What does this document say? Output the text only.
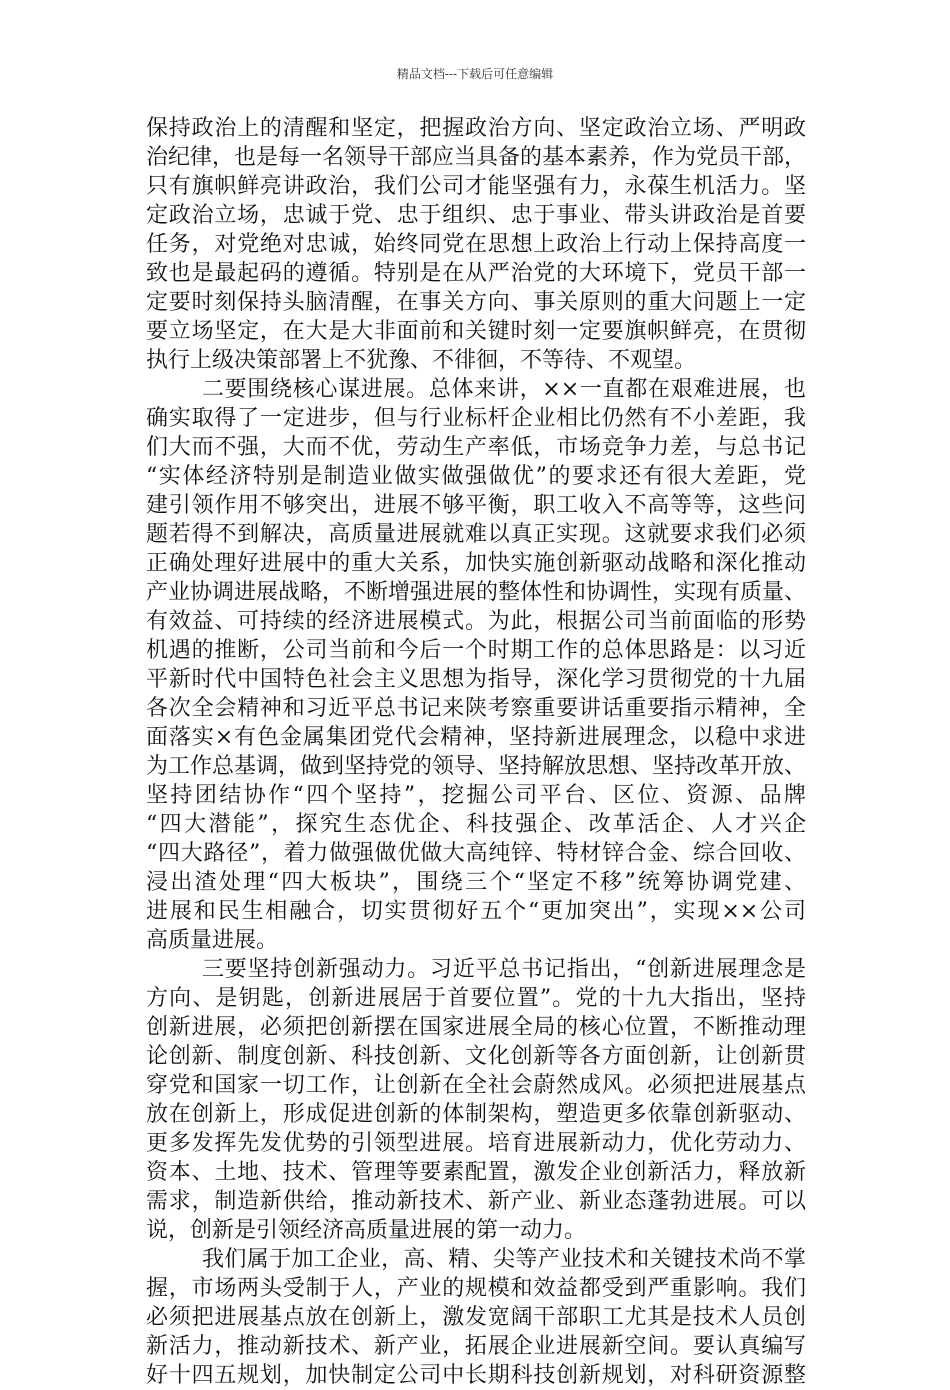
精品文档---下载后可任意编辑
保持政治上的清醒和坚定，把握政治方向、坚定政治立场、严明政
治纪律，也是每一名领导干部应当具备的基本素养，作为党员干部，
只有旗帜鲜亮讲政治，我们公司才能坚强有力，永葆生机活力。坚
定政治立场，忠诚于党、忠于组织、忠于事业、带头讲政治是首要
任务，对党绝对忠诚，始终同党在思想上政治上行动上保持高度一
致也是最起码的遵循。特别是在从严治党的大环境下，党员干部一
定要时刻保持头脑清醒，在事关方向、事关原则的重大问题上一定
要立场坚定，在大是大非面前和关键时刻一定要旗帜鲜亮，在贯彻
执行上级决策部署上不犹豫、不徘徊，不等待、不观望。
二要围绕核心谋进展。总体来讲，××一直都在艰难进展，也
确实取得了一定进步，但与行业标杆企业相比仍然有不小差距，我
们大而不强，大而不优，劳动生产率低，市场竞争力差，与总书记
“实体经济特别是制造业做实做强做优”的要求还有很大差距，党
建引领作用不够突出，进展不够平衡，职工收入不高等等，这些问
题若得不到解决，高质量进展就难以真正实现。这就要求我们必须
正确处理好进展中的重大关系，加快实施创新驱动战略和深化推动
产业协调进展战略，不断增强进展的整体性和协调性，实现有质量、
有效益、可持续的经济进展模式。为此，根据公司当前面临的形势
机遇的推断，公司当前和今后一个时期工作的总体思路是：以习近
平新时代中国特色社会主义思想为指导，深化学习贯彻党的十九届
各次全会精神和习近平总书记来陕考察重要讲话重要指示精神，全
面落实×有色金属集团党代会精神，坚持新进展理念，以稳中求进
为工作总基调，做到坚持党的领导、坚持解放思想、坚持改革开放、
坚持团结协作“四个坚持”，挖掘公司平台、区位、资源、品牌
“四大潜能”，探究生态优企、科技强企、改革活企、人才兴企
“四大路径”，着力做强做优做大高纯锌、特材锌合金、综合回收、
浸出渣处理“四大板块”，围绕三个“坚定不移”统筹协调党建、
进展和民生相融合，切实贯彻好五个“更加突出”，实现××公司
高质量进展。
三要坚持创新强动力。习近平总书记指出，“创新进展理念是
方向、是钥匙，创新进展居于首要位置”。党的十九大指出，坚持
创新进展，必须把创新摆在国家进展全局的核心位置，不断推动理
论创新、制度创新、科技创新、文化创新等各方面创新，让创新贯
穿党和国家一切工作，让创新在全社会蔚然成风。必须把进展基点
放在创新上，形成促进创新的体制架构，塑造更多依靠创新驱动、
更多发挥先发优势的引领型进展。培育进展新动力，优化劳动力、
资本、土地、技术、管理等要素配置，激发企业创新活力，释放新
需求，制造新供给，推动新技术、新产业、新业态蓬勃进展。可以
说，创新是引领经济高质量进展的第一动力。
我们属于加工企业，高、精、尖等产业技术和关键技术尚不掌
握，市场两头受制于人，产业的规模和效益都受到严重影响。我们
必须把进展基点放在创新上，激发宽阔干部职工尤其是技术人员创
新活力，推动新技术、新产业，拓展企业进展新空间。要认真编写
好十四五规划，加快制定公司中长期科技创新规划，对科研资源整
